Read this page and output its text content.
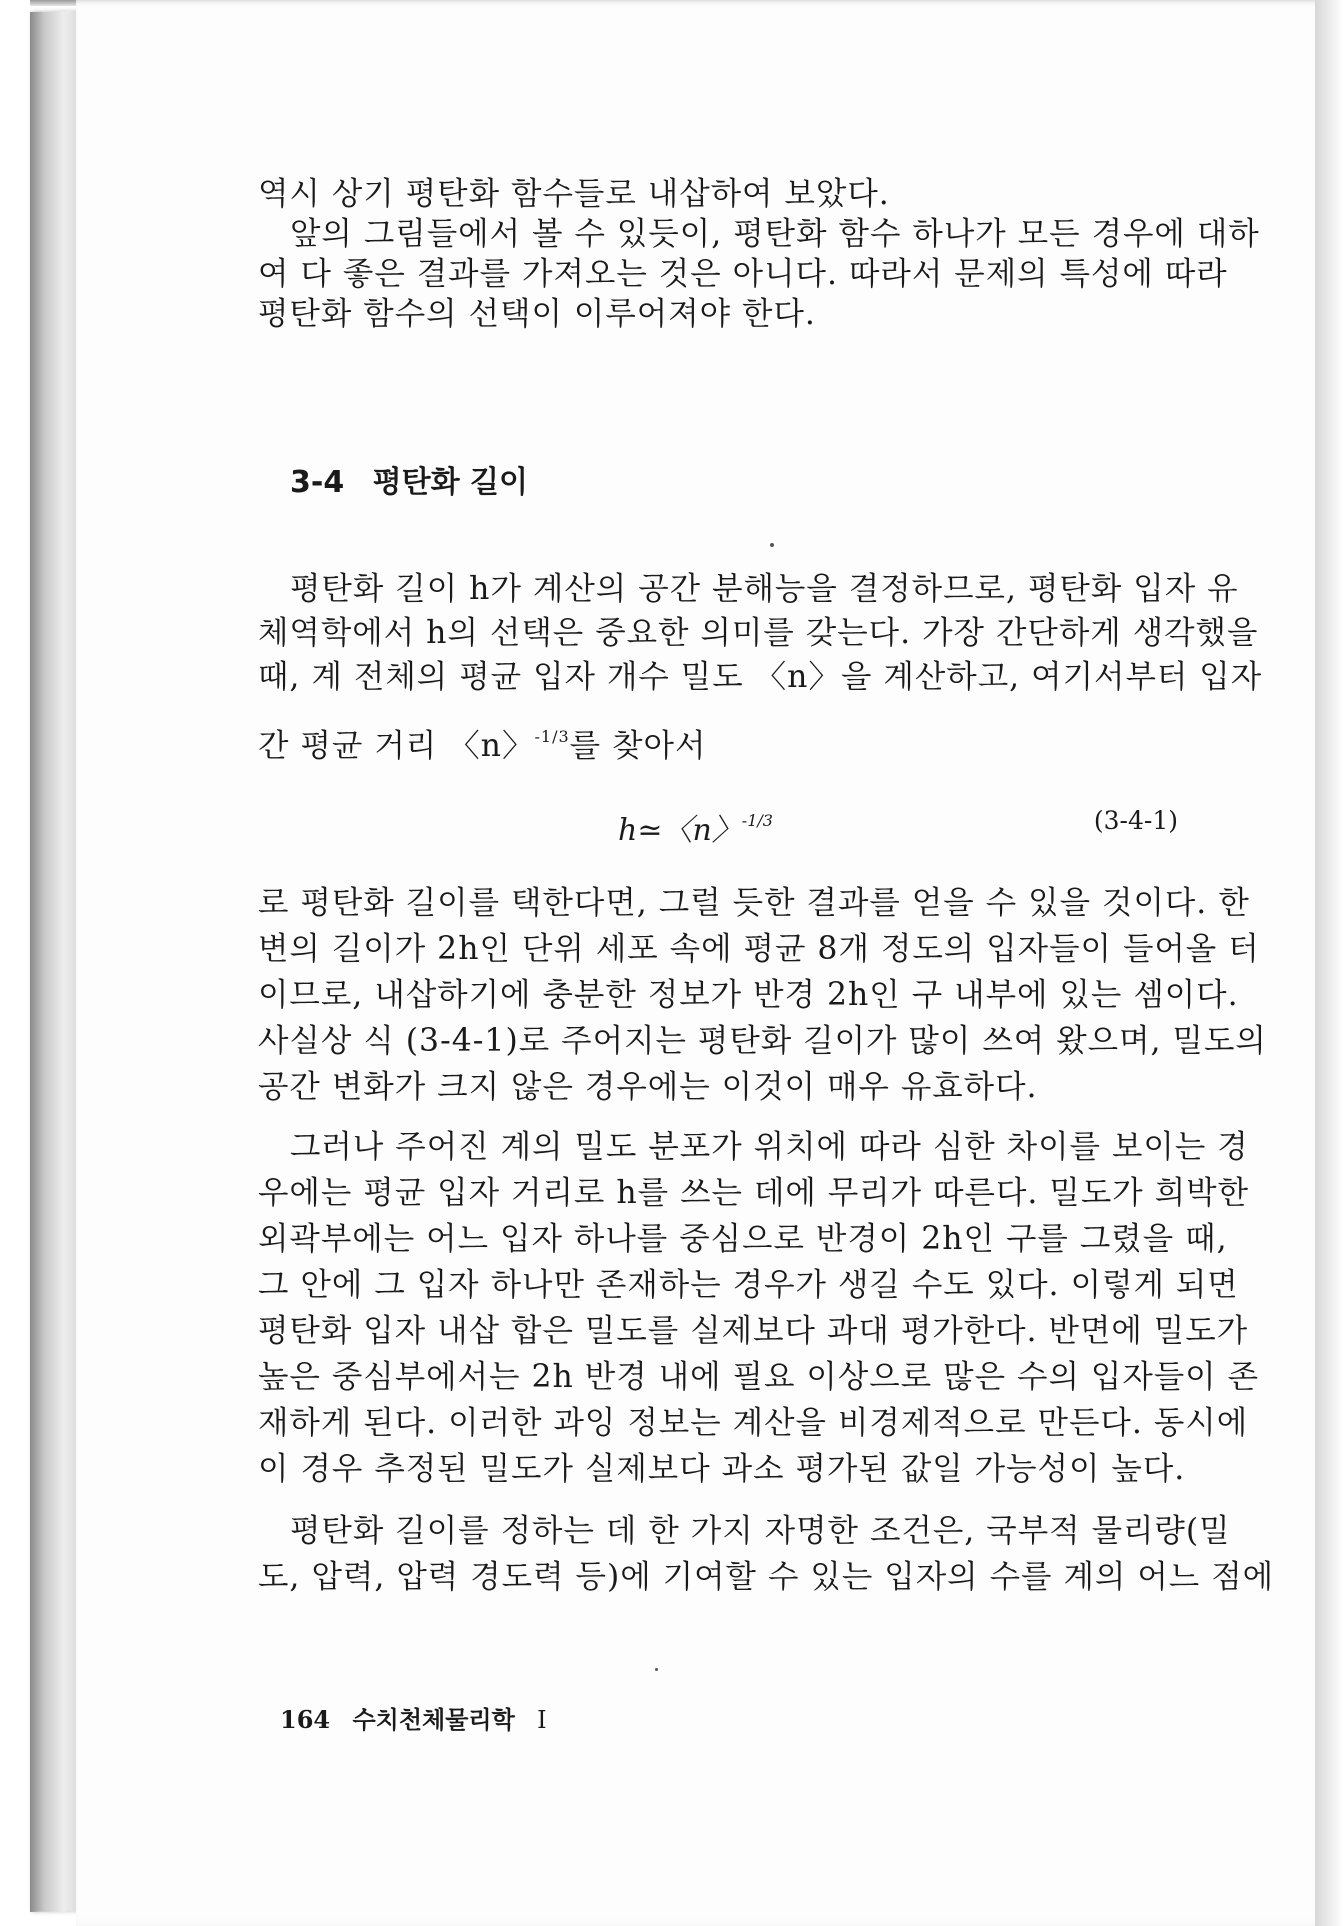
역시 상기 평탄화 함수들로 내삽하여 보았다.
앞의 그림들에서 볼 수 있듯이, 평탄화 함수 하나가 모든 경우에 대하
여 다 좋은 결과를 가져오는 것은 아니다. 따라서 문제의 특성에 따라
평탄화 함수의 선택이 이루어져야 한다.
3-4 평탄화 길이
평탄화 길이 h가 계산의 공간 분해능을 결정하므로, 평탄화 입자 유
체역학에서 h의 선택은 중요한 의미를 갖는다. 가장 간단하게 생각했을
때, 계 전체의 평균 입자 개수 밀도 〈n〉을 계산하고, 여기서부터 입자
간 평균 거리 〈n〉$^{-1/3}$를 찾아서
h≃〈n〉$^{-1/3}$	(3-4-1)
로 평탄화 길이를 택한다면, 그럴 듯한 결과를 얻을 수 있을 것이다. 한
변의 길이가 2h인 단위 세포 속에 평균 8개 정도의 입자들이 들어올 터
이므로, 내삽하기에 충분한 정보가 반경 2h인 구 내부에 있는 셈이다.
사실상 식 (3-4-1)로 주어지는 평탄화 길이가 많이 쓰여 왔으며, 밀도의
공간 변화가 크지 않은 경우에는 이것이 매우 유효하다.
그러나 주어진 계의 밀도 분포가 위치에 따라 심한 차이를 보이는 경
우에는 평균 입자 거리로 h를 쓰는 데에 무리가 따른다. 밀도가 희박한
외곽부에는 어느 입자 하나를 중심으로 반경이 2h인 구를 그렸을 때,
그 안에 그 입자 하나만 존재하는 경우가 생길 수도 있다. 이렇게 되면
평탄화 입자 내삽 합은 밀도를 실제보다 과대 평가한다. 반면에 밀도가
높은 중심부에서는 2h 반경 내에 필요 이상으로 많은 수의 입자들이 존
재하게 된다. 이러한 과잉 정보는 계산을 비경제적으로 만든다. 동시에
이 경우 추정된 밀도가 실제보다 과소 평가된 값일 가능성이 높다.
평탄화 길이를 정하는 데 한 가지 자명한 조건은, 국부적 물리량(밀
도, 압력, 압력 경도력 등)에 기여할 수 있는 입자의 수를 계의 어느 점에
164 수치천체물리학 I
